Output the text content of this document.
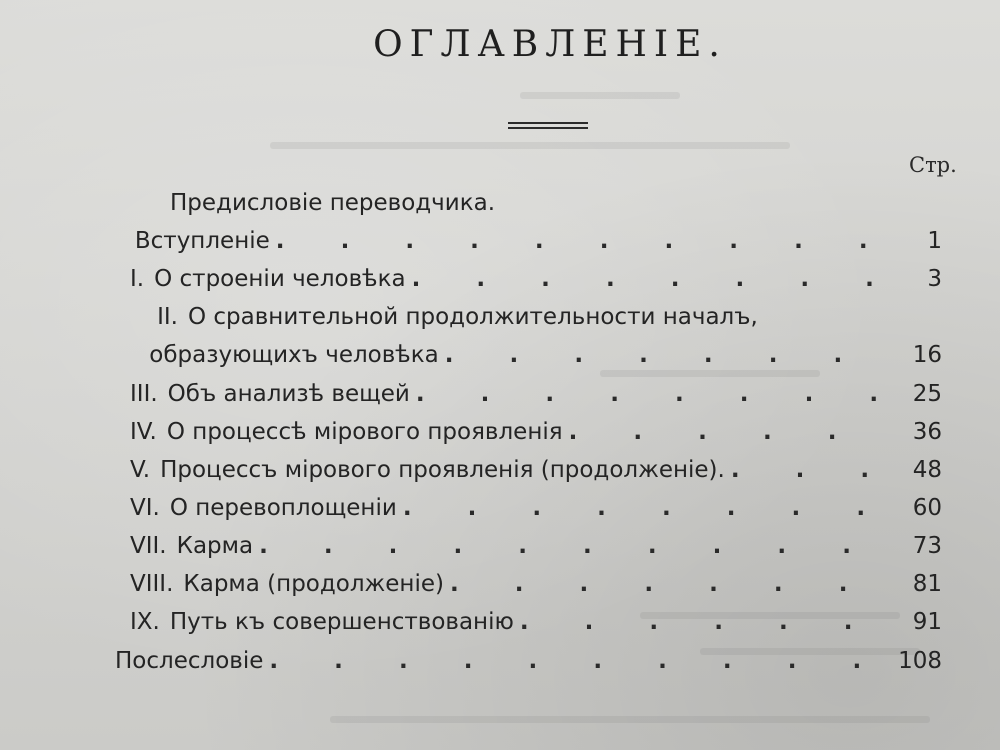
ОГЛАВЛЕНІЕ.
Стр.
Предисловіе переводчика.
Вступленіе .	1
I. О строеніи человѣка .	3
II. О сравнительной продолжительности началъ,
образующихъ человѣка .	16
III. Объ анализѣ вещей .	25
IV. О процессѣ мірового проявленія .	36
V. Процессъ міровогo проявленія (продолженіе). .	48
VI. О перевоплощеніи .	60
VII. Карма .	73
VIII. Карма (продолженіе) .	81
IX. Путь къ совершенствованію .	91
Послесловіе .	108
